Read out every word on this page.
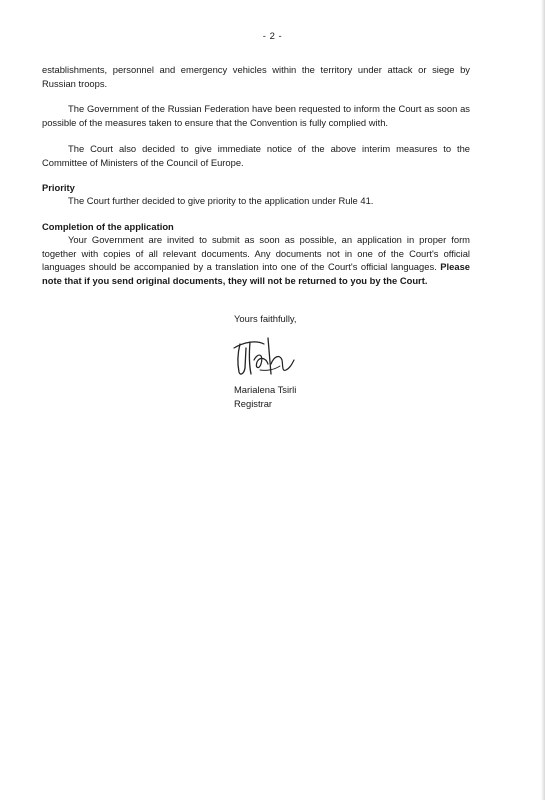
- 2 -

establishments, personnel and emergency vehicles within the territory under attack or siege by Russian troops.

The Government of the Russian Federation have been requested to inform the Court as soon as possible of the measures taken to ensure that the Convention is fully complied with.

The Court also decided to give immediate notice of the above interim measures to the Committee of Ministers of the Council of Europe.

Priority

The Court further decided to give priority to the application under Rule 41.

Completion of the application

Your Government are invited to submit as soon as possible, an application in proper form together with copies of all relevant documents. Any documents not in one of the Court's official languages should be accompanied by a translation into one of the Court's official languages. Please note that if you send original documents, they will not be returned to you by the Court.

Yours faithfully,
Marialena Tsirli
Registrar
